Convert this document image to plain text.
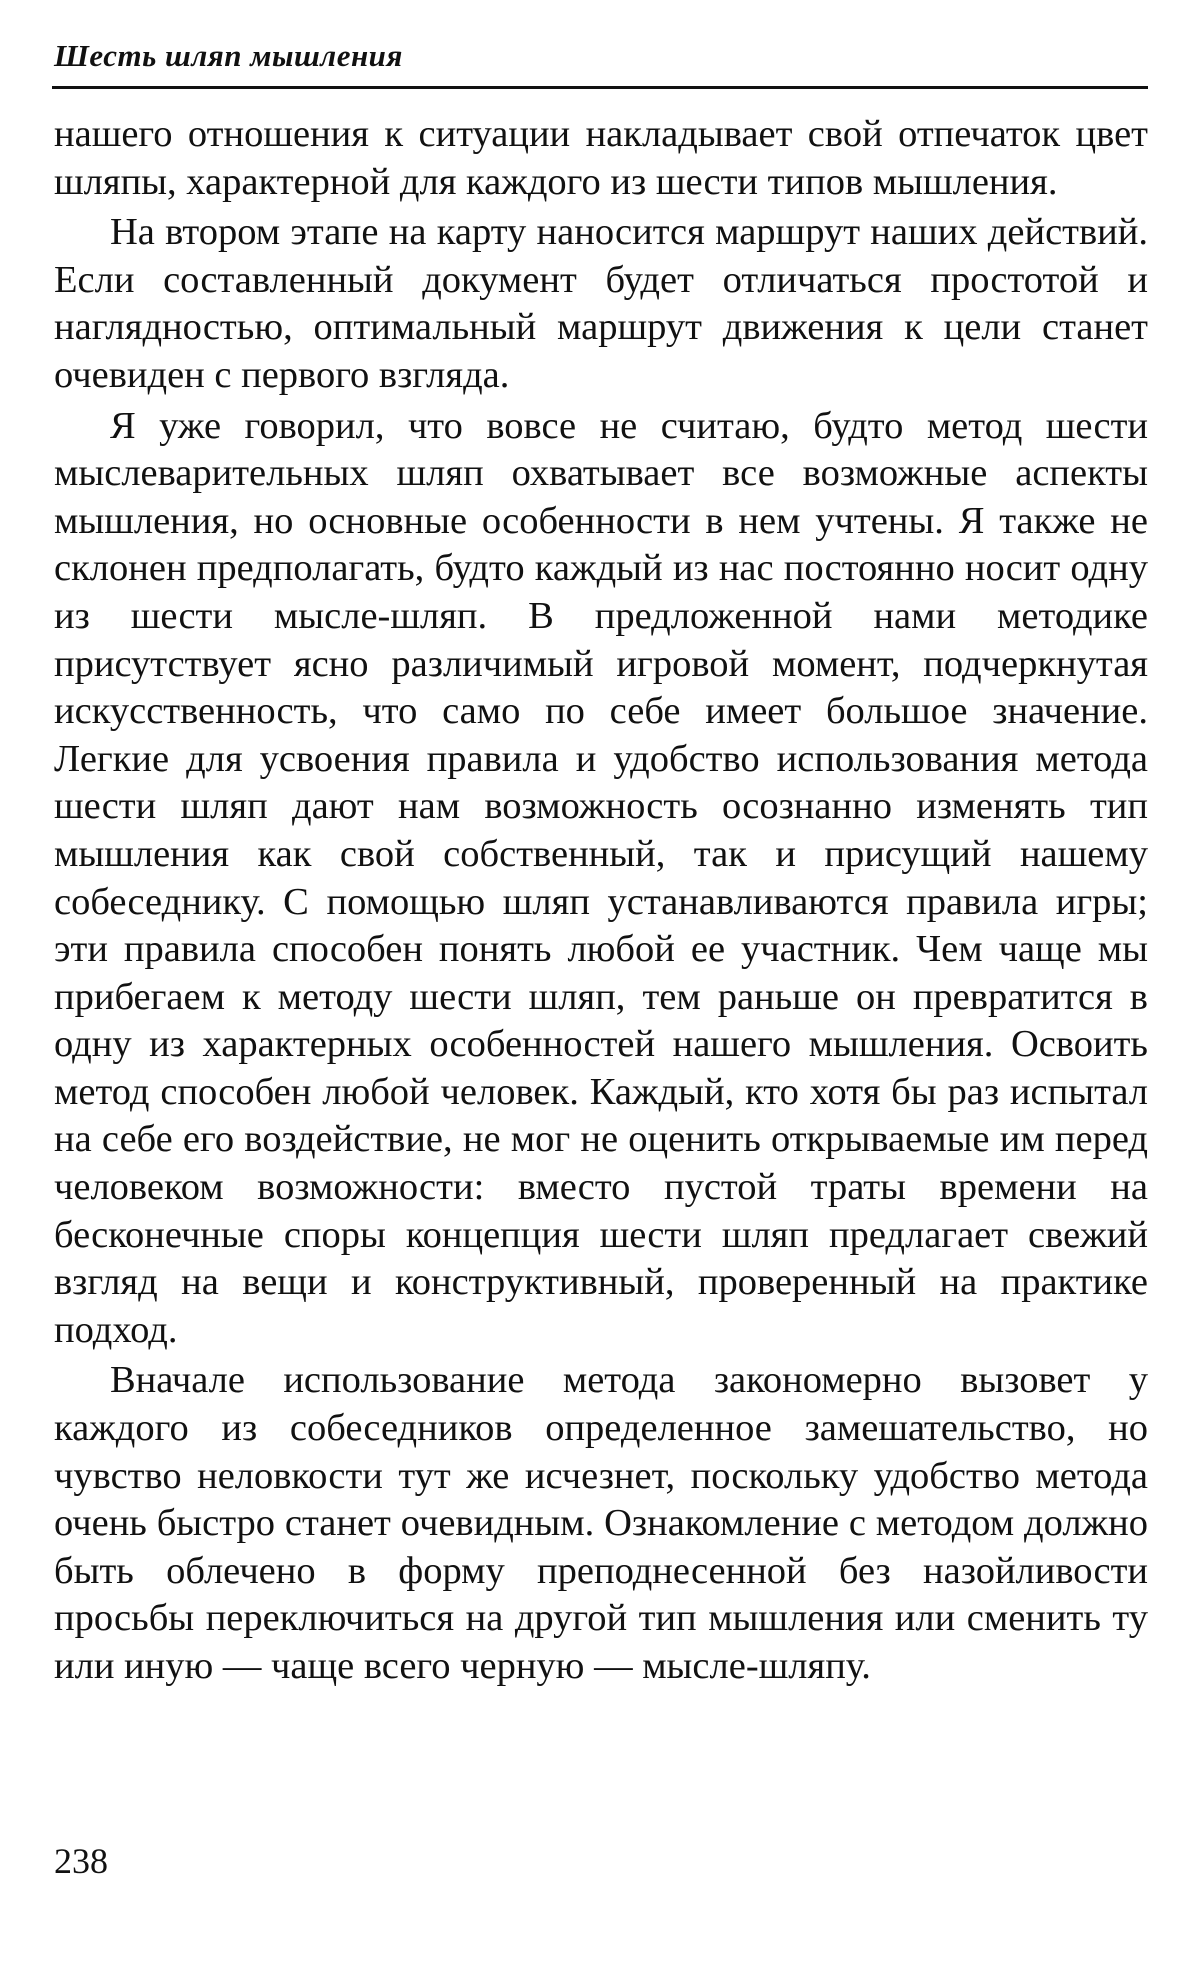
Шесть шляп мышления

нашего отношения к ситуации накладывает свой отпечаток цвет шляпы, характерной для каждого из шести типов мышления.

На втором этапе на карту наносится маршрут наших действий. Если составленный документ будет отличаться простотой и наглядностью, оптимальный маршрут движения к цели станет очевиден с первого взгляда.

Я уже говорил, что вовсе не считаю, будто метод шести мыслеварительных шляп охватывает все возможные аспекты мышления, но основные особенности в нем учтены. Я также не склонен предполагать, будто каждый из нас постоянно носит одну из шести мысле-шляп. В предложенной нами методике присутствует ясно различимый игровой момент, подчеркнутая искусственность, что само по себе имеет большое значение. Легкие для усвоения правила и удобство использования метода шести шляп дают нам возможность осознанно изменять тип мышления как свой собственный, так и присущий нашему собеседнику. С помощью шляп устанавливаются правила игры; эти правила способен понять любой ее участник. Чем чаще мы прибегаем к методу шести шляп, тем раньше он превратится в одну из характерных особенностей нашего мышления. Освоить метод способен любой человек. Каждый, кто хотя бы раз испытал на себе его воздействие, не мог не оценить открываемые им перед человеком возможности: вместо пустой траты времени на бесконечные споры концепция шести шляп предлагает свежий взгляд на вещи и конструктивный, проверенный на практике подход.

Вначале использование метода закономерно вызовет у каждого из собеседников определенное замешательство, но чувство неловкости тут же исчезнет, поскольку удобство метода очень быстро станет очевидным. Ознакомление с методом должно быть облечено в форму преподнесенной без назойливости просьбы переключиться на другой тип мышления или сменить ту или иную — чаще всего черную — мысле-шляпу.

238
